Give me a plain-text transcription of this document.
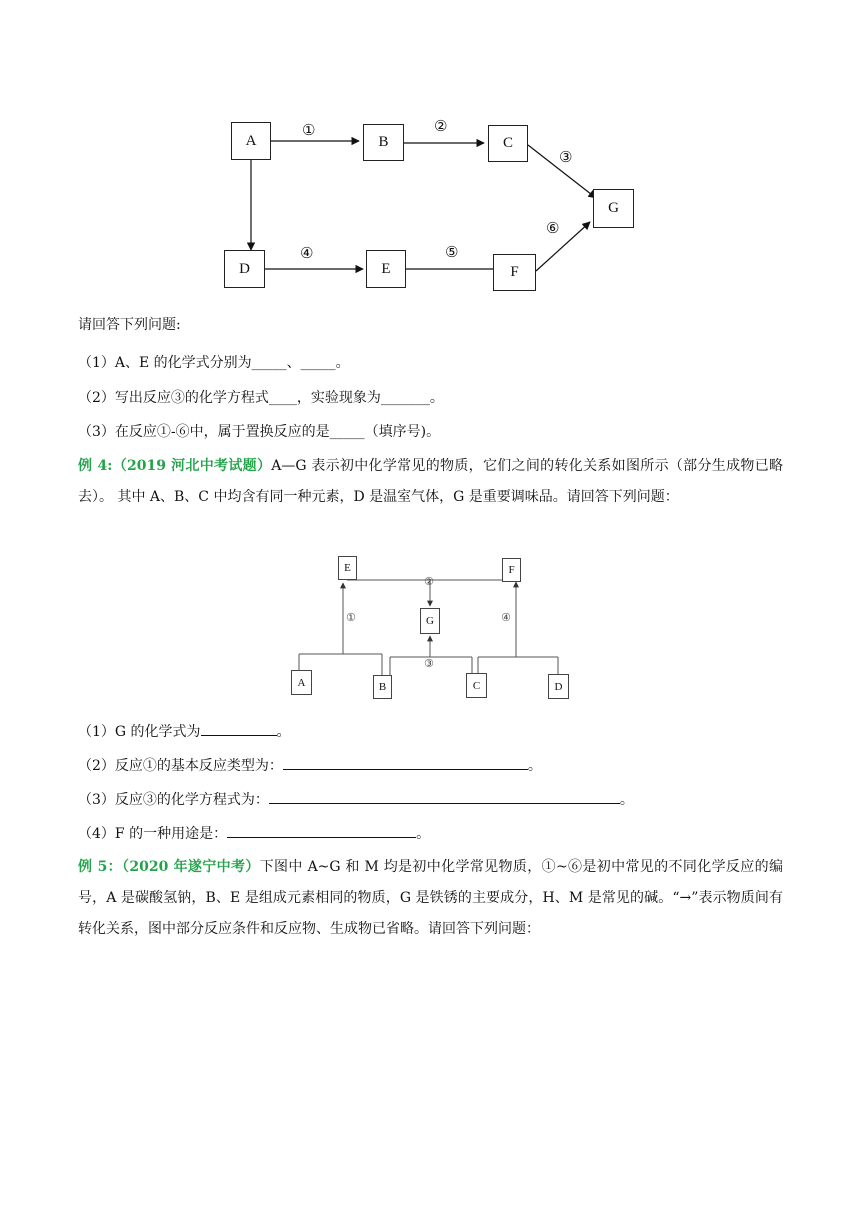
A	B	C
G
D	E	F
①	②
③
④	⑤
⑥
请回答下列问题:
（1）A、E 的化学式分别为_____、_____。
（2）写出反应③的化学方程式____，实验现象为_______。
（3）在反应①-⑥中，属于置换反应的是_____（填序号)。
例 4:（2019 河北中考试题）A—G 表示初中化学常见的物质，它们之间的转化关系如图所示（部分生成物已略去）。 其中 A、B、C 中均含有同一种元素，D 是温室气体，G 是重要调味品。请回答下列问题：
E	F
G
A	B	C	D
①
②
③
④
（1）G 的化学式为	。
（2）反应①的基本反应类型为：	。
（3）反应③的化学方程式为：	。
（4）F 的一种用途是：	。
例 5：（2020 年遂宁中考）下图中 A~G 和 M 均是初中化学常见物质，①~⑥是初中常见的不同化学反应的编号，A 是碳酸氢钠，B、E 是组成元素相同的物质，G 是铁锈的主要成分，H、M 是常见的碱。“→”表示物质间有转化关系，图中部分反应条件和反应物、生成物已省略。请回答下列问题：
